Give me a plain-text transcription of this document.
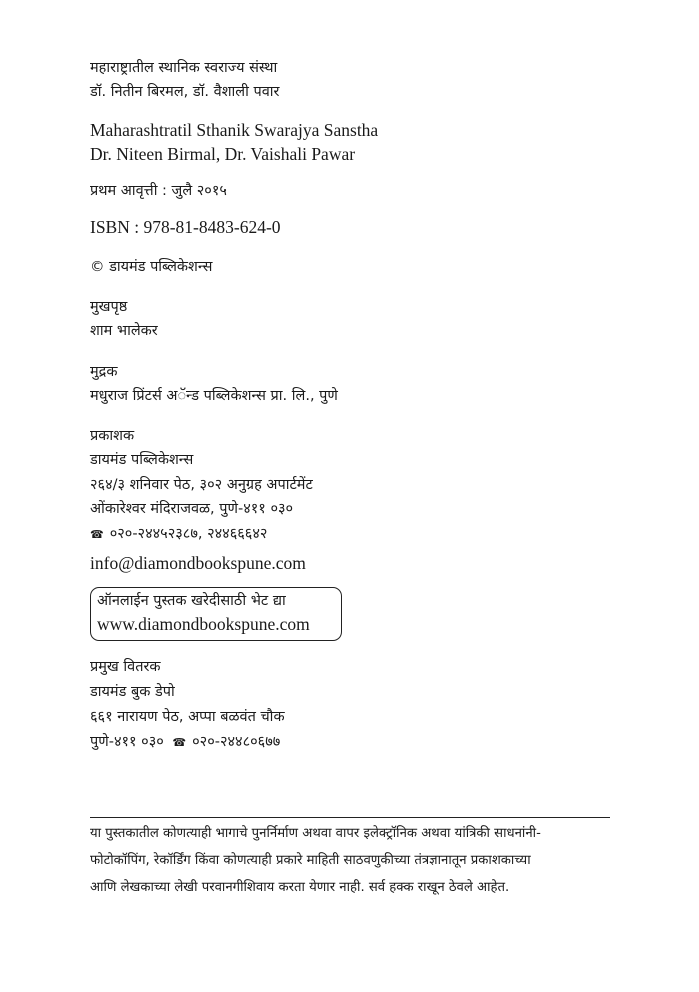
महाराष्ट्रातील स्थानिक स्वराज्य संस्था
डॉ. नितीन बिरमल, डॉ. वैशाली पवार
Maharashtratil Sthanik Swarajya Sanstha
Dr. Niteen Birmal, Dr. Vaishali Pawar
प्रथम आवृत्ती : जुलै २०१५
ISBN : 978-81-8483-624-0
© डायमंड पब्लिकेशन्स
मुखपृष्ठ
शाम भालेकर
मुद्रक
मधुराज प्रिंटर्स अॅन्ड पब्लिकेशन्स प्रा. लि., पुणे
प्रकाशक
डायमंड पब्लिकेशन्स
२६४/३ शनिवार पेठ, ३०२ अनुग्रह अपार्टमेंट
ओंकारेश्वर मंदिराजवळ, पुणे-४११ ०३०
☎ ०२०-२४४५२३८७, २४४६६६४२
info@diamondbookspune.com
ऑनलाईन पुस्तक खरेदीसाठी भेट द्या
www.diamondbookspune.com
प्रमुख वितरक
डायमंड बुक डेपो
६६१ नारायण पेठ, अप्पा बळवंत चौक
पुणे-४११ ०३० ☎ ०२०-२४४८०६७७
या पुस्तकातील कोणत्याही भागाचे पुनर्निर्माण अथवा वापर इलेक्ट्रॉनिक अथवा यांत्रिकी साधनांनी-
फोटोकॉपिंग, रेकॉर्डिंग किंवा कोणत्याही प्रकारे माहिती साठवणुकीच्या तंत्रज्ञानातून प्रकाशकाच्या
आणि लेखकाच्या लेखी परवानगीशिवाय करता येणार नाही. सर्व हक्क राखून ठेवले आहेत.
